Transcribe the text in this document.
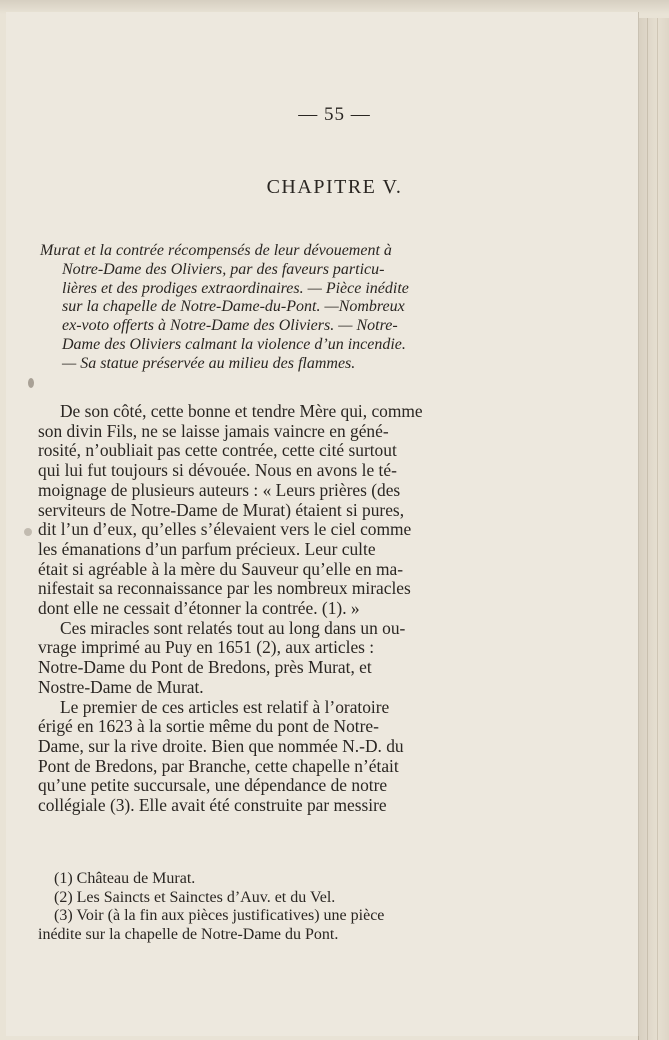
— 55 —
CHAPITRE V.
Murat et la contrée récompensés de leur dévouement à
Notre-Dame des Oliviers, par des faveurs particu-
lières et des prodiges extraordinaires. — Pièce inédite
sur la chapelle de Notre-Dame-du-Pont. —Nombreux
ex-voto offerts à Notre-Dame des Oliviers. — Notre-
Dame des Oliviers calmant la violence d’un incendie.
— Sa statue préservée au milieu des flammes.
De son côté, cette bonne et tendre Mère qui, comme
son divin Fils, ne se laisse jamais vaincre en géné-
rosité, n’oubliait pas cette contrée, cette cité surtout
qui lui fut toujours si dévouée. Nous en avons le té-
moignage de plusieurs auteurs : « Leurs prières (des
serviteurs de Notre-Dame de Murat) étaient si pures,
dit l’un d’eux, qu’elles s’élevaient vers le ciel comme
les émanations d’un parfum précieux. Leur culte
était si agréable à la mère du Sauveur qu’elle en ma-
nifestait sa reconnaissance par les nombreux miracles
dont elle ne cessait d’étonner la contrée. (1). »
Ces miracles sont relatés tout au long dans un ou-
vrage imprimé au Puy en 1651 (2), aux articles :
Notre-Dame du Pont de Bredons, près Murat, et
Nostre-Dame de Murat.
Le premier de ces articles est relatif à l’oratoire
érigé en 1623 à la sortie même du pont de Notre-
Dame, sur la rive droite. Bien que nommée N.-D. du
Pont de Bredons, par Branche, cette chapelle n’était
qu’une petite succursale, une dépendance de notre
collégiale (3). Elle avait été construite par messire
(1) Château de Murat.
(2) Les Saincts et Sainctes d’Auv. et du Vel.
(3) Voir (à la fin aux pièces justificatives) une pièce
inédite sur la chapelle de Notre-Dame du Pont.
